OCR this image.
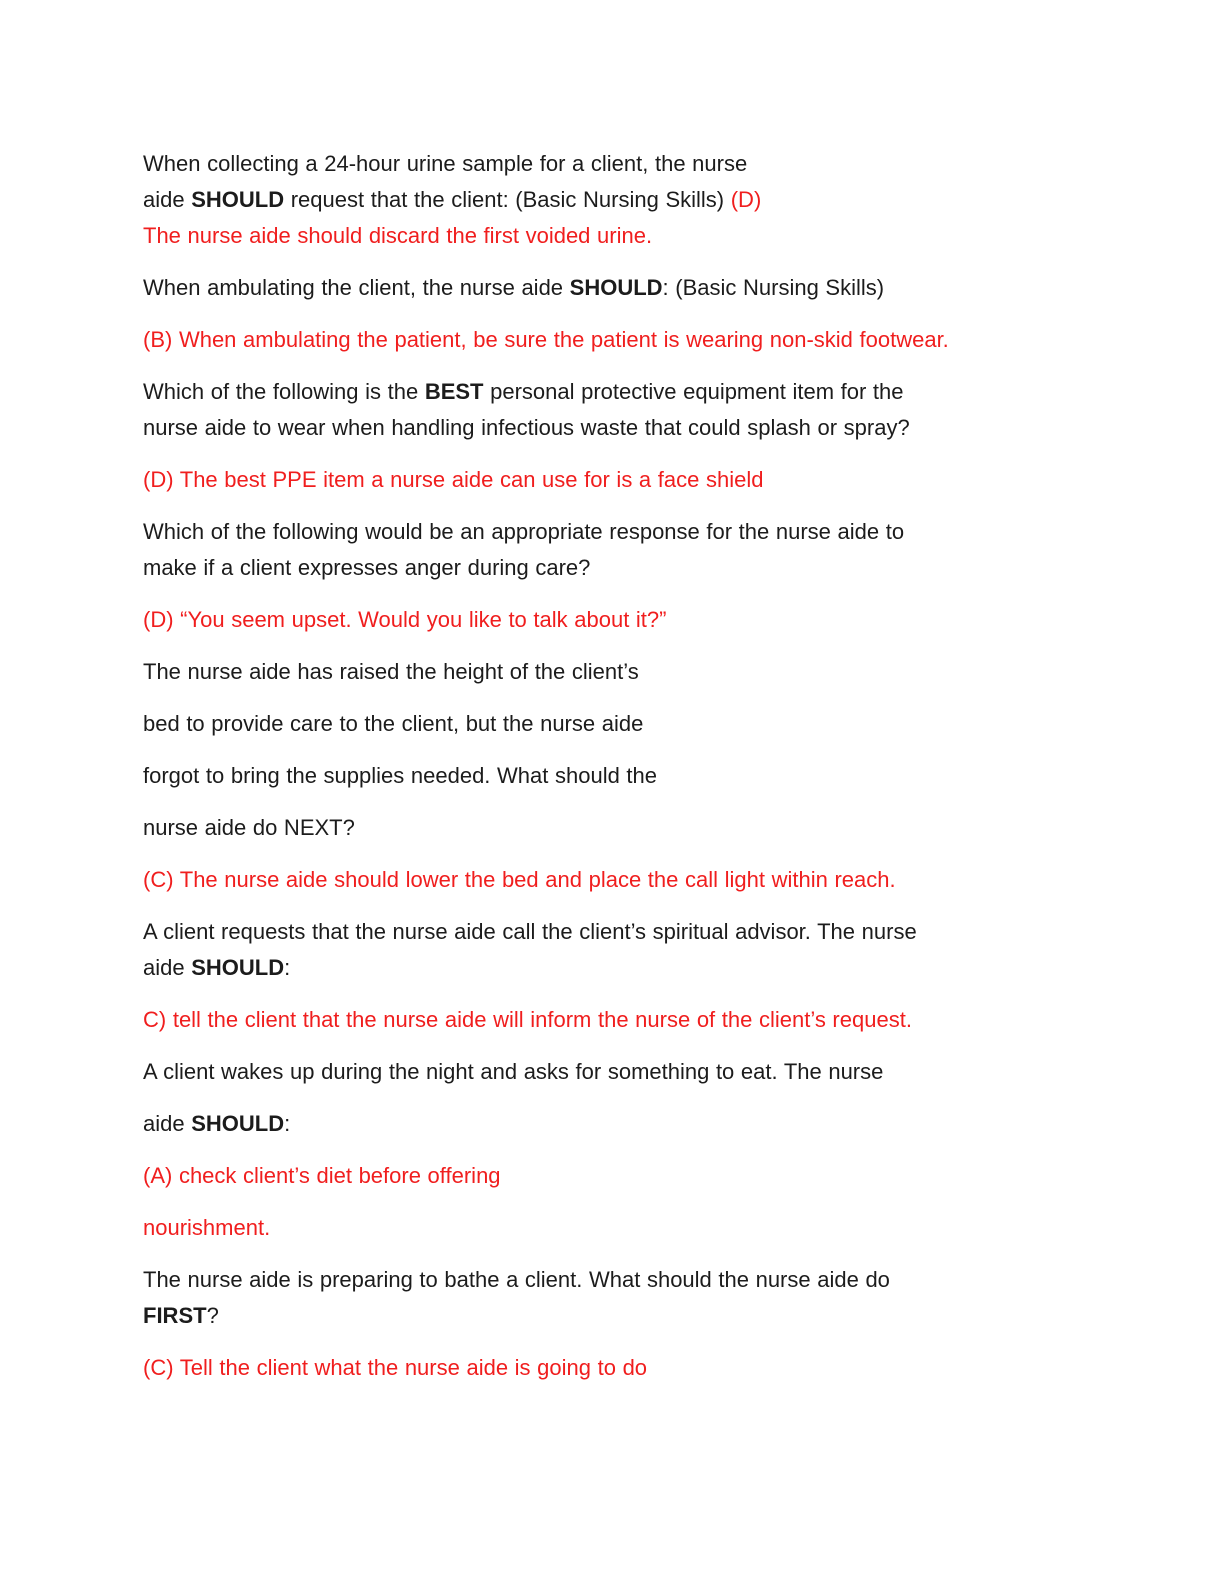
When collecting a 24-hour urine sample for a client, the nurse
aide SHOULD request that the client: (Basic Nursing Skills) (D)
The nurse aide should discard the first voided urine.

When ambulating the client, the nurse aide SHOULD: (Basic Nursing Skills)

(B) When ambulating the patient, be sure the patient is wearing non-skid footwear.

Which of the following is the BEST personal protective equipment item for the
nurse aide to wear when handling infectious waste that could splash or spray?

(D) The best PPE item a nurse aide can use for is a face shield

Which of the following would be an appropriate response for the nurse aide to
make if a client expresses anger during care?

(D) “You seem upset. Would you like to talk about it?”

The nurse aide has raised the height of the client’s

bed to provide care to the client, but the nurse aide

forgot to bring the supplies needed. What should the

nurse aide do NEXT?

(C) The nurse aide should lower the bed and place the call light within reach.

A client requests that the nurse aide call the client’s spiritual advisor. The nurse
aide SHOULD:

C) tell the client that the nurse aide will inform the nurse of the client’s request.

A client wakes up during the night and asks for something to eat. The nurse

aide SHOULD:

(A) check client’s diet before offering

nourishment.

The nurse aide is preparing to bathe a client. What should the nurse aide do
FIRST?

(C) Tell the client what the nurse aide is going to do
